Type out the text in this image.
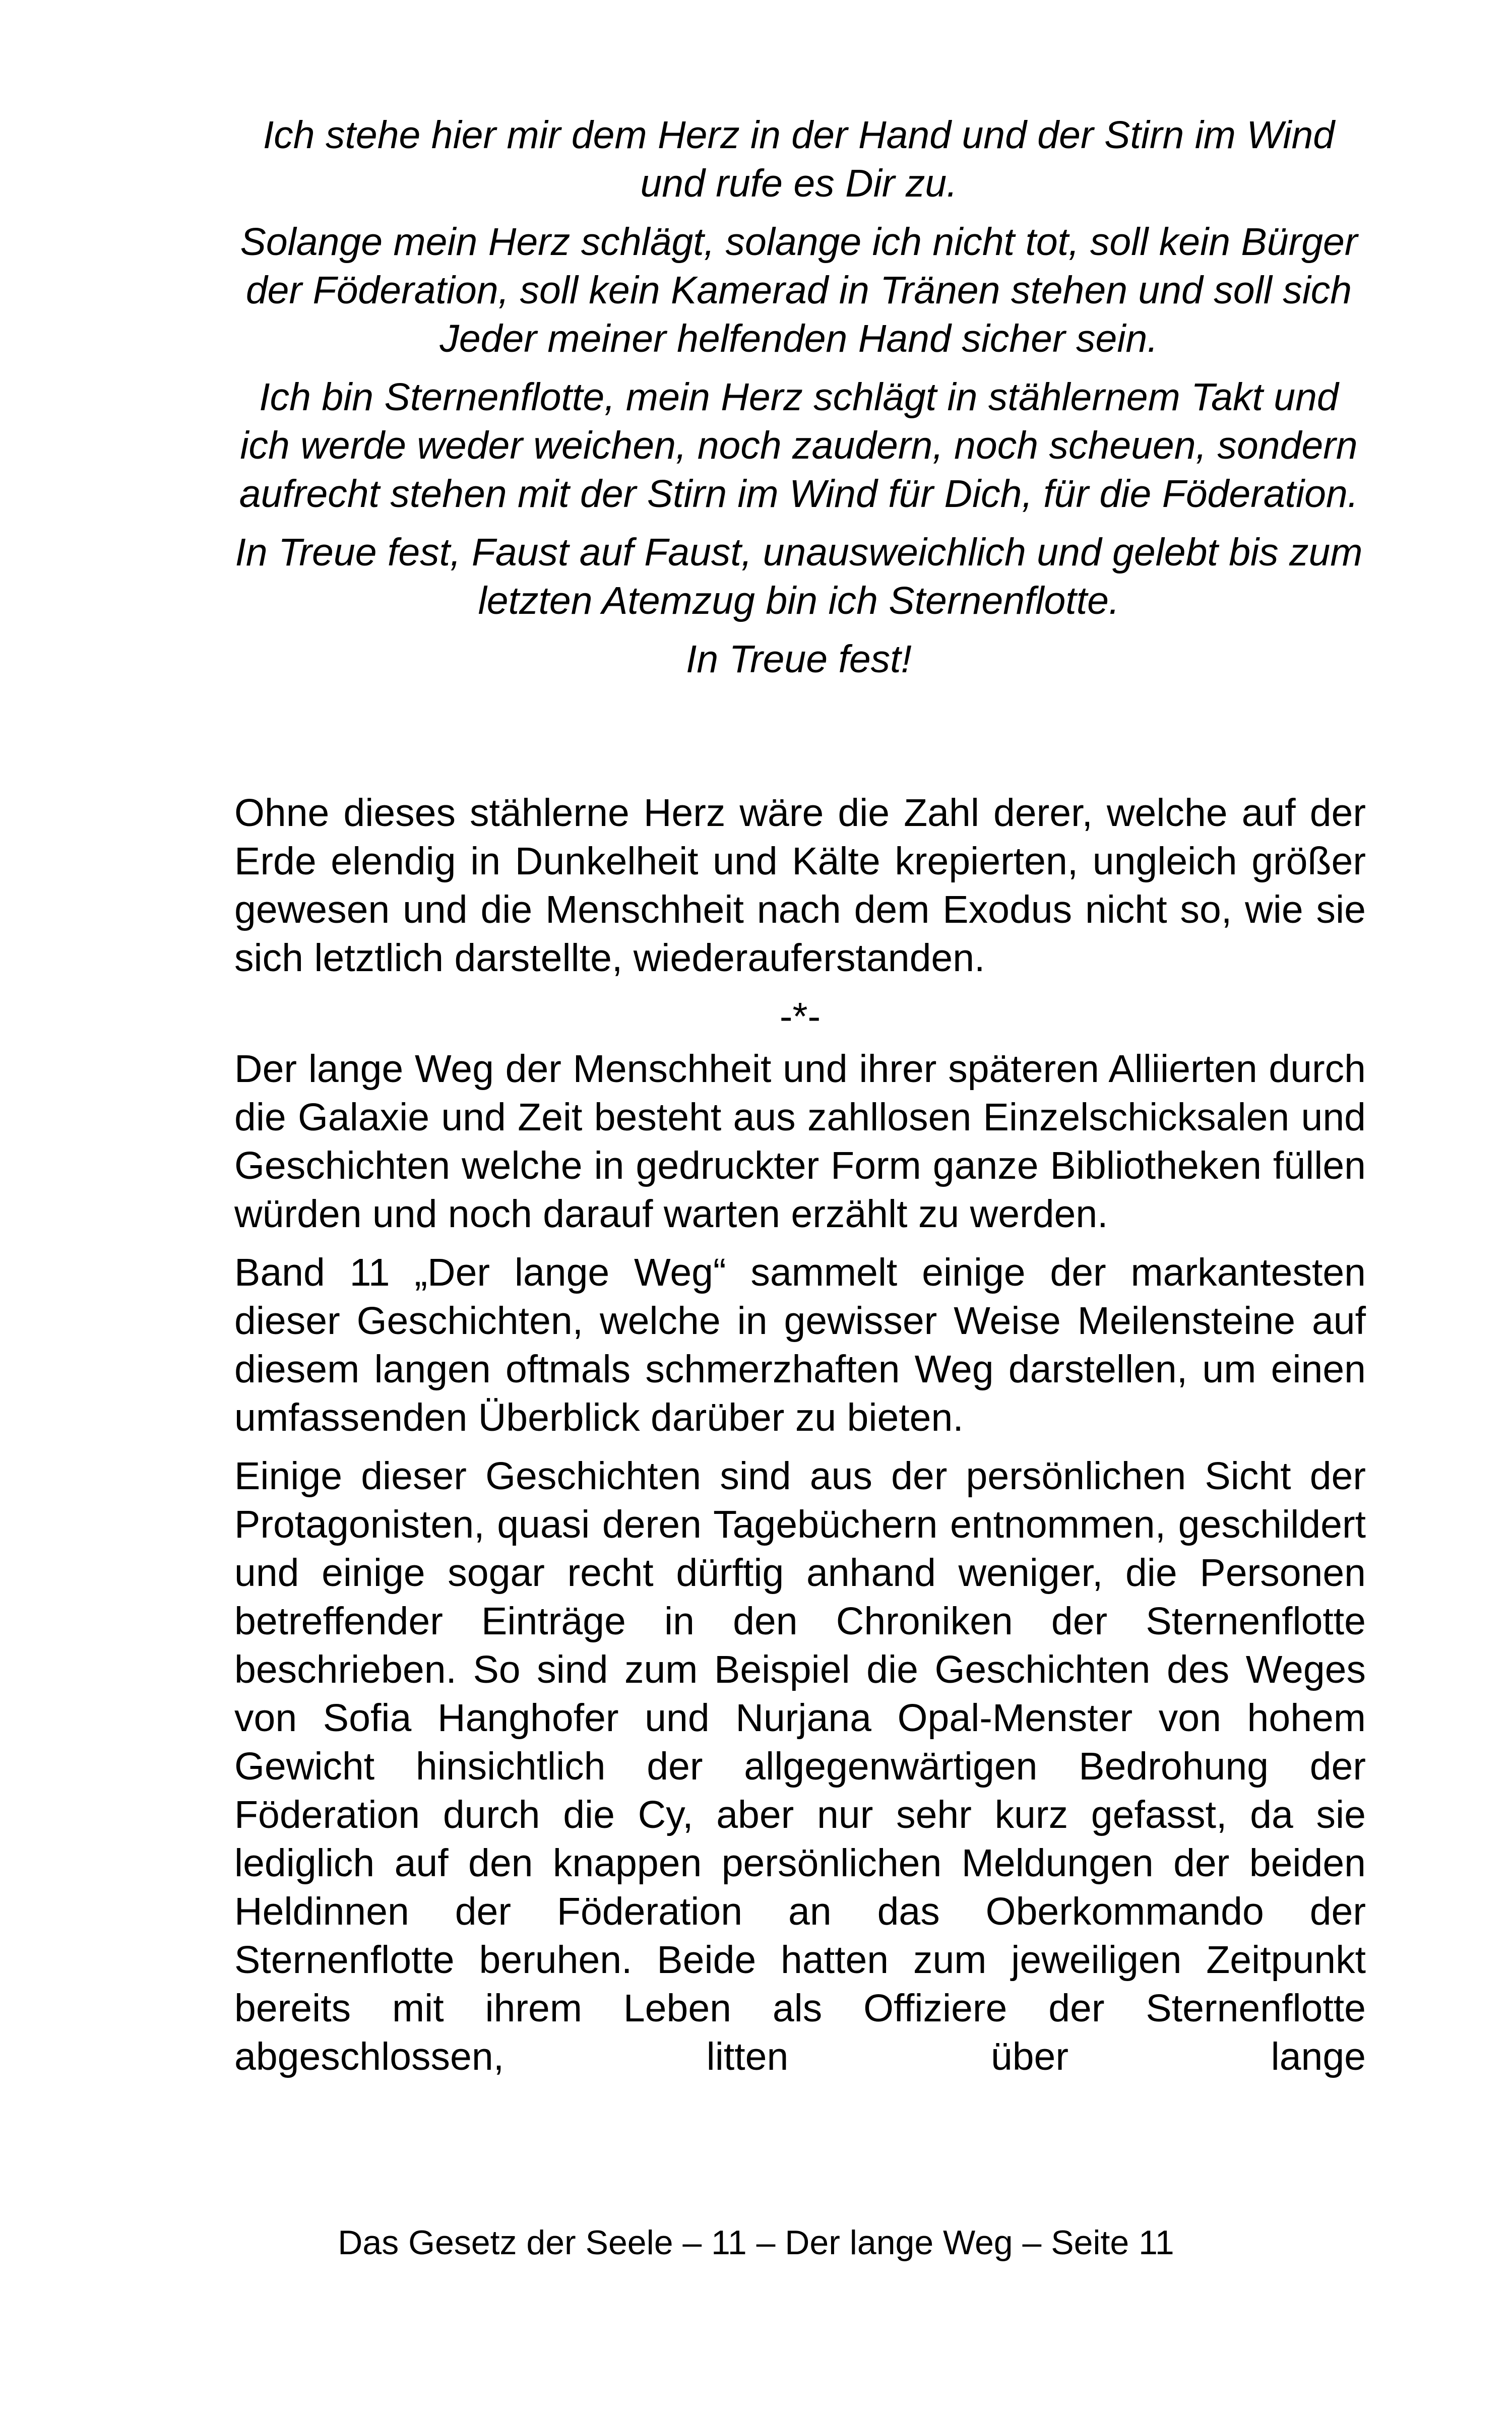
Ich stehe hier mir dem Herz in der Hand und der Stirn im Wind und rufe es Dir zu.

Solange mein Herz schlägt, solange ich nicht tot, soll kein Bürger der Föderation, soll kein Kamerad in Tränen stehen und soll sich Jeder meiner helfenden Hand sicher sein.

Ich bin Sternenflotte, mein Herz schlägt in stählernem Takt und ich werde weder weichen, noch zaudern, noch scheuen, sondern aufrecht stehen mit der Stirn im Wind für Dich, für die Föderation.

In Treue fest, Faust auf Faust, unausweichlich und gelebt bis zum letzten Atemzug bin ich Sternenflotte.

In Treue fest!

Ohne dieses stählerne Herz wäre die Zahl derer, welche auf der Erde elendig in Dunkelheit und Kälte krepierten, ungleich größer gewesen und die Menschheit nach dem Exodus nicht so, wie sie sich letztlich darstellte, wiederauferstanden.

-*-

Der lange Weg der Menschheit und ihrer späteren Alliierten durch die Galaxie und Zeit besteht aus zahllosen Einzelschicksalen und Geschichten welche in gedruckter Form ganze Bibliotheken füllen würden und noch darauf warten erzählt zu werden.

Band 11 „Der lange Weg“ sammelt einige der markantesten dieser Geschichten, welche in gewisser Weise Meilensteine auf diesem langen oftmals schmerzhaften Weg darstellen, um einen umfassenden Überblick darüber zu bieten.

Einige dieser Geschichten sind aus der persönlichen Sicht der Protagonisten, quasi deren Tagebüchern entnommen, geschildert und einige sogar recht dürftig anhand weniger, die Personen betreffender Einträge in den Chroniken der Sternenflotte beschrieben. So sind zum Beispiel die Geschichten des Weges von Sofia Hanghofer und Nurjana Opal-Menster von hohem Gewicht hinsichtlich der allgegenwärtigen Bedrohung der Föderation durch die Cy, aber nur sehr kurz gefasst, da sie lediglich auf den knappen persönlichen Meldungen der beiden Heldinnen der Föderation an das Oberkommando der Sternenflotte beruhen. Beide hatten zum jeweiligen Zeitpunkt bereits mit ihrem Leben als Offiziere der Sternenflotte abgeschlossen, litten über lange

Das Gesetz der Seele – 11 – Der lange Weg – Seite 11
